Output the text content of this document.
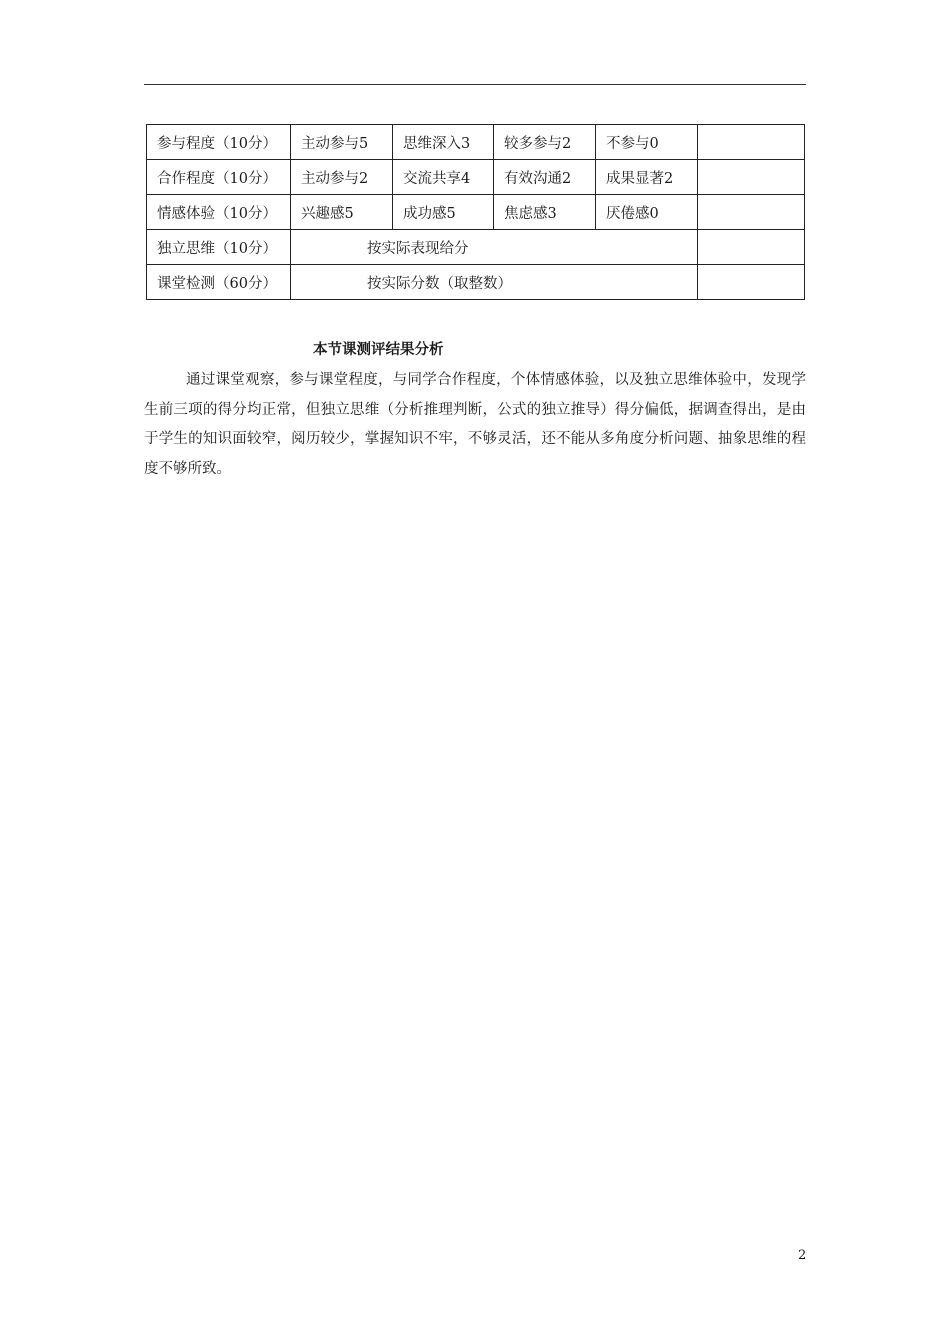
参与程度（10分）	主动参与5	思维深入3	较多参与2	不参与0	
合作程度（10分）	主动参与2	交流共享4	有效沟通2	成果显著2	
情感体验（10分）	兴趣感5	成功感5	焦虑感3	厌倦感0	
独立思维（10分）	按实际表现给分				
课堂检测（60分）	按实际分数（取整数）				
本节课测评结果分析

通过课堂观察，参与课堂程度，与同学合作程度，个体情感体验，以及独立思维体验中，发现学生前三项的得分均正常，但独立思维（分析推理判断，公式的独立推导）得分偏低，据调查得出，是由于学生的知识面较窄，阅历较少，掌握知识不牢，不够灵活，还不能从多角度分析问题、抽象思维的程度不够所致。

2
